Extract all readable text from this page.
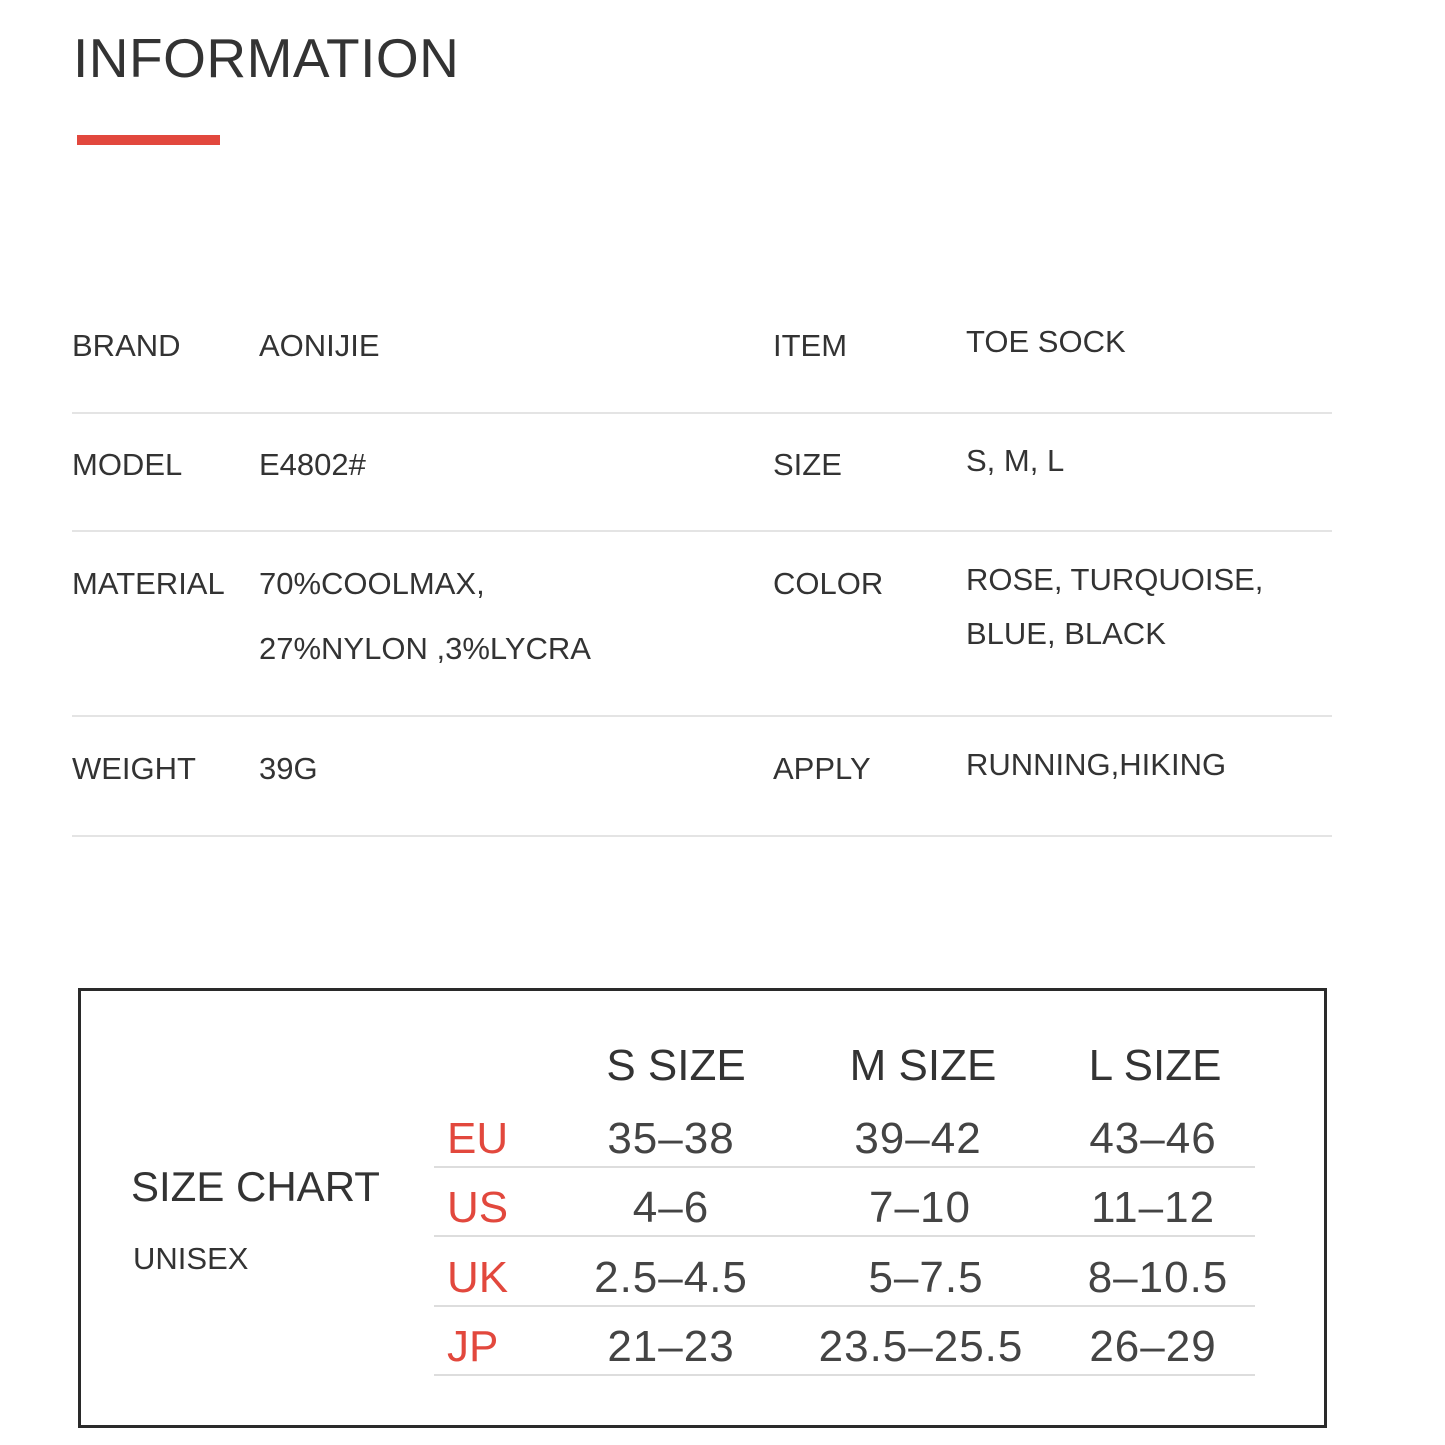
INFORMATION
BRAND	AONIJIE	ITEM	TOE SOCK
MODEL E4802#	SIZE	S, M, L
MATERIAL 70%COOLMAX,
27%NYLON ,3%LYCRA
COLOR	ROSE, TURQUOISE,
BLUE, BLACK
WEIGHT 39G	APPLY	RUNNING,HIKING
SIZE CHART
UNISEX
S SIZE	M SIZE	L SIZE
EU	35–38	39–42	43–46
US	4–6	7–10	11–12
UK	2.5–4.5	5–7.5	8–10.5
JP	21–23	23.5–25.5	26–29
